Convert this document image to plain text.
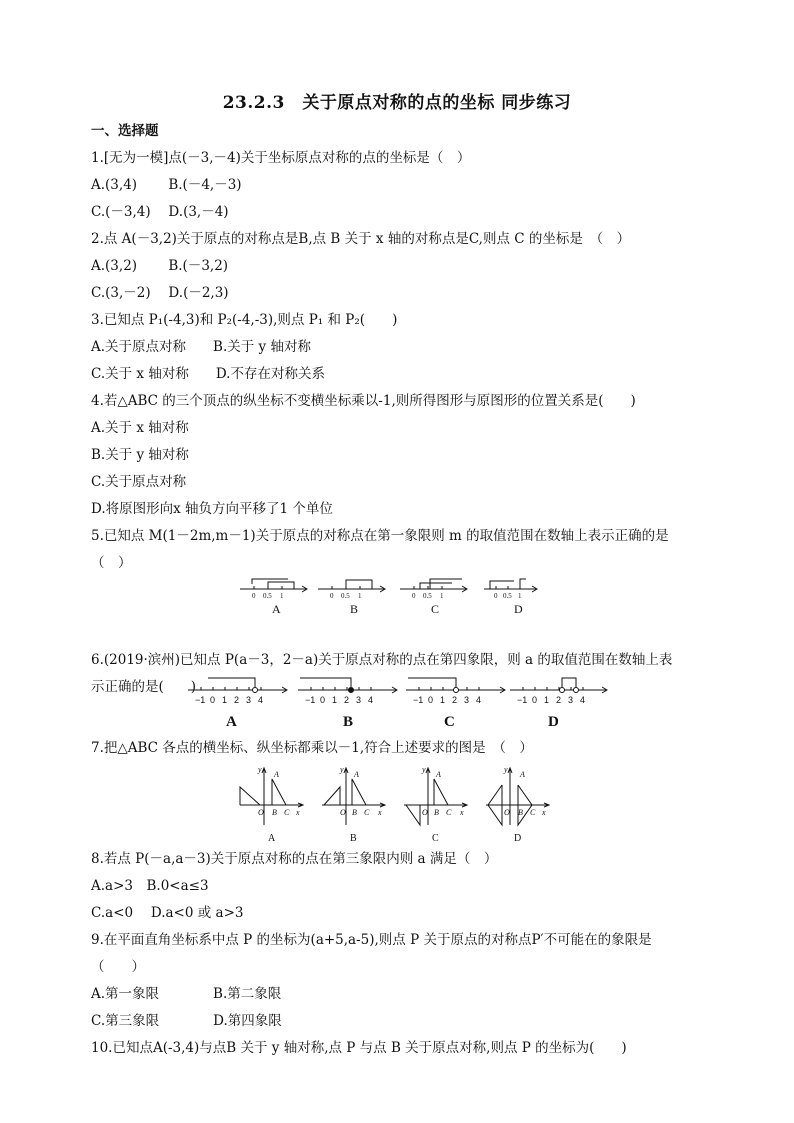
23.2.3　关于原点对称的点的坐标 同步练习
一、选择题
1.[无为一模]点(－3,－4)关于坐标原点对称的点的坐标是（　）
A.(3,4)　　 B.(－4,－3)
C.(－3,4)　 D.(3,－4)
2.点 A(－3,2)关于原点的对称点是B,点 B 关于 x 轴的对称点是C,则点 C 的坐标是　（　）
A.(3,2)　　 B.(－3,2)
C.(3,－2)　 D.(－2,3)
3.已知点 P₁(-4,3)和 P₂(-4,-3),则点 P₁ 和 P₂(　　)
A.关于原点对称　　B.关于 y 轴对称
C.关于 x 轴对称　　D.不存在对称关系
4.若△ABC 的三个顶点的纵坐标不变横坐标乘以-1,则所得图形与原图形的位置关系是(　　)
A.关于 x 轴对称
B.关于 y 轴对称
C.关于原点对称
D.将原图形向x 轴负方向平移了1 个单位
5.已知点 M(1－2m,m－1)关于原点的对称点在第一象限则 m 的取值范围在数轴上表示正确的是
（　）
0 0.5 1	0 0.5 1	0 0.5 1	0 0.5 1
A	B	C	D
6.(2019·滨州)已知点 P(a－3，2－a)关于原点对称的点在第四象限，则 a 的取值范围在数轴上表
示正确的是(　　)
−1 0 1 2 3 4	−1 0 1 2 3 4	−1 0 1 2 3 4	−1 0 1 2 3 4
A	B	C	D
7.把△ABC 各点的横坐标、纵坐标都乘以－1,符合上述要求的图是　（　）
y
A
O B C x
y
A
O B C x
y
A
O B C x
y
A
O B C x
A	B	C	D
8.若点 P(－a,a－3)关于原点对称的点在第三象限内则 a 满足（　）
A.a>3　B.0<a≤3
C.a<0　 D.a<0 或 a>3
9.在平面直角坐标系中点 P 的坐标为(a+5,a-5),则点 P 关于原点的对称点P′不可能在的象限是
（　　）
A.第一象限　　　　B.第二象限
C.第三象限　　　　D.第四象限
10.已知点A(-3,4)与点B 关于 y 轴对称,点 P 与点 B 关于原点对称,则点 P 的坐标为(　　)
